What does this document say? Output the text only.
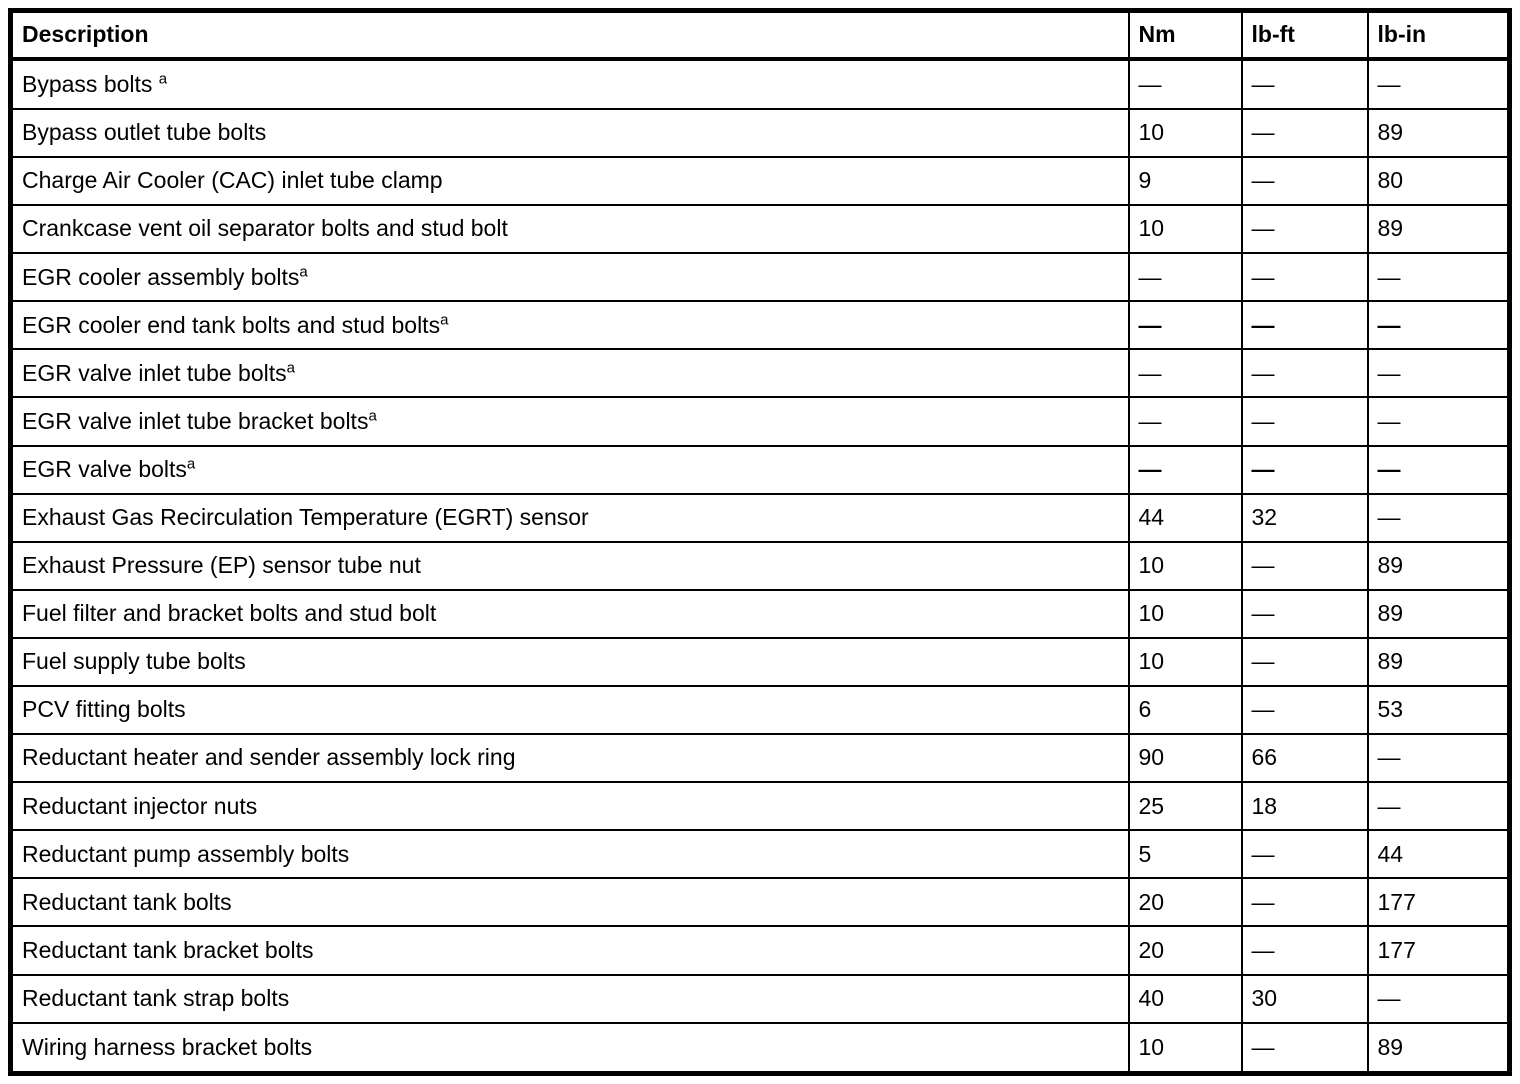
Description	Nm	lb-ft	lb-in
Bypass bolts $^a$	—	—	—
Bypass outlet tube bolts	10	—	89
Charge Air Cooler (CAC) inlet tube clamp	9	—	80
Crankcase vent oil separator bolts and stud bolt	10	—	89
EGR cooler assembly bolts$^a$	—	—	—
EGR cooler end tank bolts and stud bolts$^a$	—	—	—
EGR valve inlet tube bolts$^a$	—	—	—
EGR valve inlet tube bracket bolts$^a$	—	—	—
EGR valve bolts$^a$	—	—	—
Exhaust Gas Recirculation Temperature (EGRT) sensor	44	32	—
Exhaust Pressure (EP) sensor tube nut	10	—	89
Fuel filter and bracket bolts and stud bolt	10	—	89
Fuel supply tube bolts	10	—	89
PCV fitting bolts	6	—	53
Reductant heater and sender assembly lock ring	90	66	—
Reductant injector nuts	25	18	—
Reductant pump assembly bolts	5	—	44
Reductant tank bolts	20	—	177
Reductant tank bracket bolts	20	—	177
Reductant tank strap bolts	40	30	—
Wiring harness bracket bolts	10	—	89
